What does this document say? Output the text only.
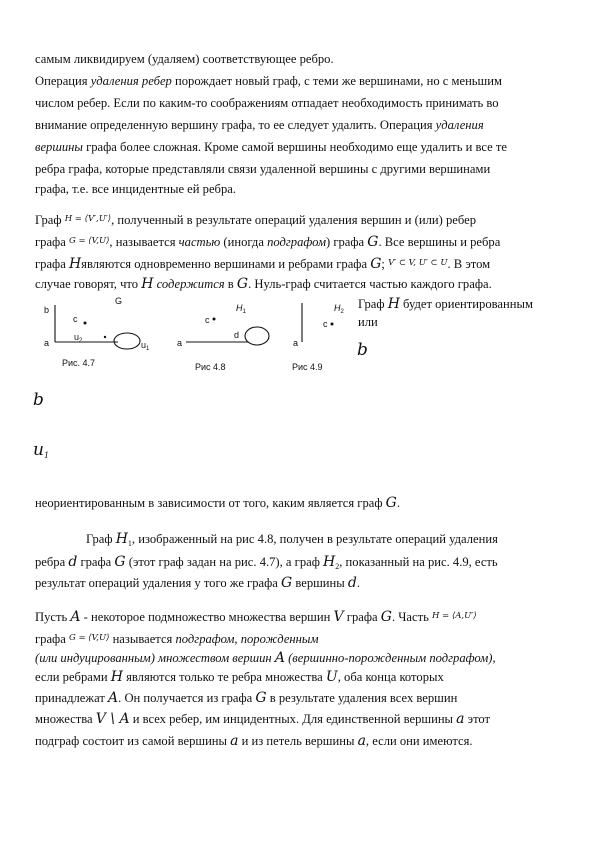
самым ликвидируем (удаляем) соответствующее ребро.
Операция удаления ребер порождает новый граф, с теми же вершинами, но с меньшим
числом ребер. Если по каким-то соображениям отпадает необходимость принимать во
внимание определенную вершину графа, то ее следует удалить. Операция удаления
вершины графа более сложная. Кроме самой вершины необходимо еще удалить и все те
ребра графа, которые представляли связи удаленной вершины с другими вершинами
графа, т.е. все инцидентные ей ребра.
Граф $^{H = ⟨V',U'⟩}$, полученный в результате операций удаления вершин и (или) ребер
графа $^{G = ⟨V,U⟩}$, называется частью (иногда подграфом) графа G. Все вершины и ребра
графа Hявляются одновременно вершинами и ребрами графа G; $^{V' \subset V, U' \subset U}$. В этом
случае говорят, что H содержится в G. Нуль-граф считается частью каждого графа.
Граф H будет ориентированным
или
b
a
c
G
$u_2$	$u_1$
Рис. 4.7
a
c
d
$H_1$
Рис 4.8
a
c
$H_2$
Рис 4.9
b
b
$u_1$
неориентированным в зависимости от того, каким является граф G.
Граф $H_1$, изображенный на рис 4.8, получен в результате операций удаления
ребра d графа G (этот граф задан на рис. 4.7), а граф $H_2$, показанный на рис. 4.9, есть
результат операций удаления у того же графа G вершины d.
Пусть A - некоторое подмножество множества вершин V графа G. Часть $^{H = ⟨A,U'⟩}$
графа $^{G = ⟨V,U⟩}$ называется подграфом, порожденным
(или индуцированным) множеством вершин A (вершинно-порожденным подграфом),
если ребрами H являются только те ребра множества U, оба конца которых
принадлежат A. Он получается из графа G в результате удаления всех вершин
множества V \ A и всех ребер, им инцидентных. Для единственной вершины a этот
подграф состоит из самой вершины a и из петель вершины a, если они имеются.
